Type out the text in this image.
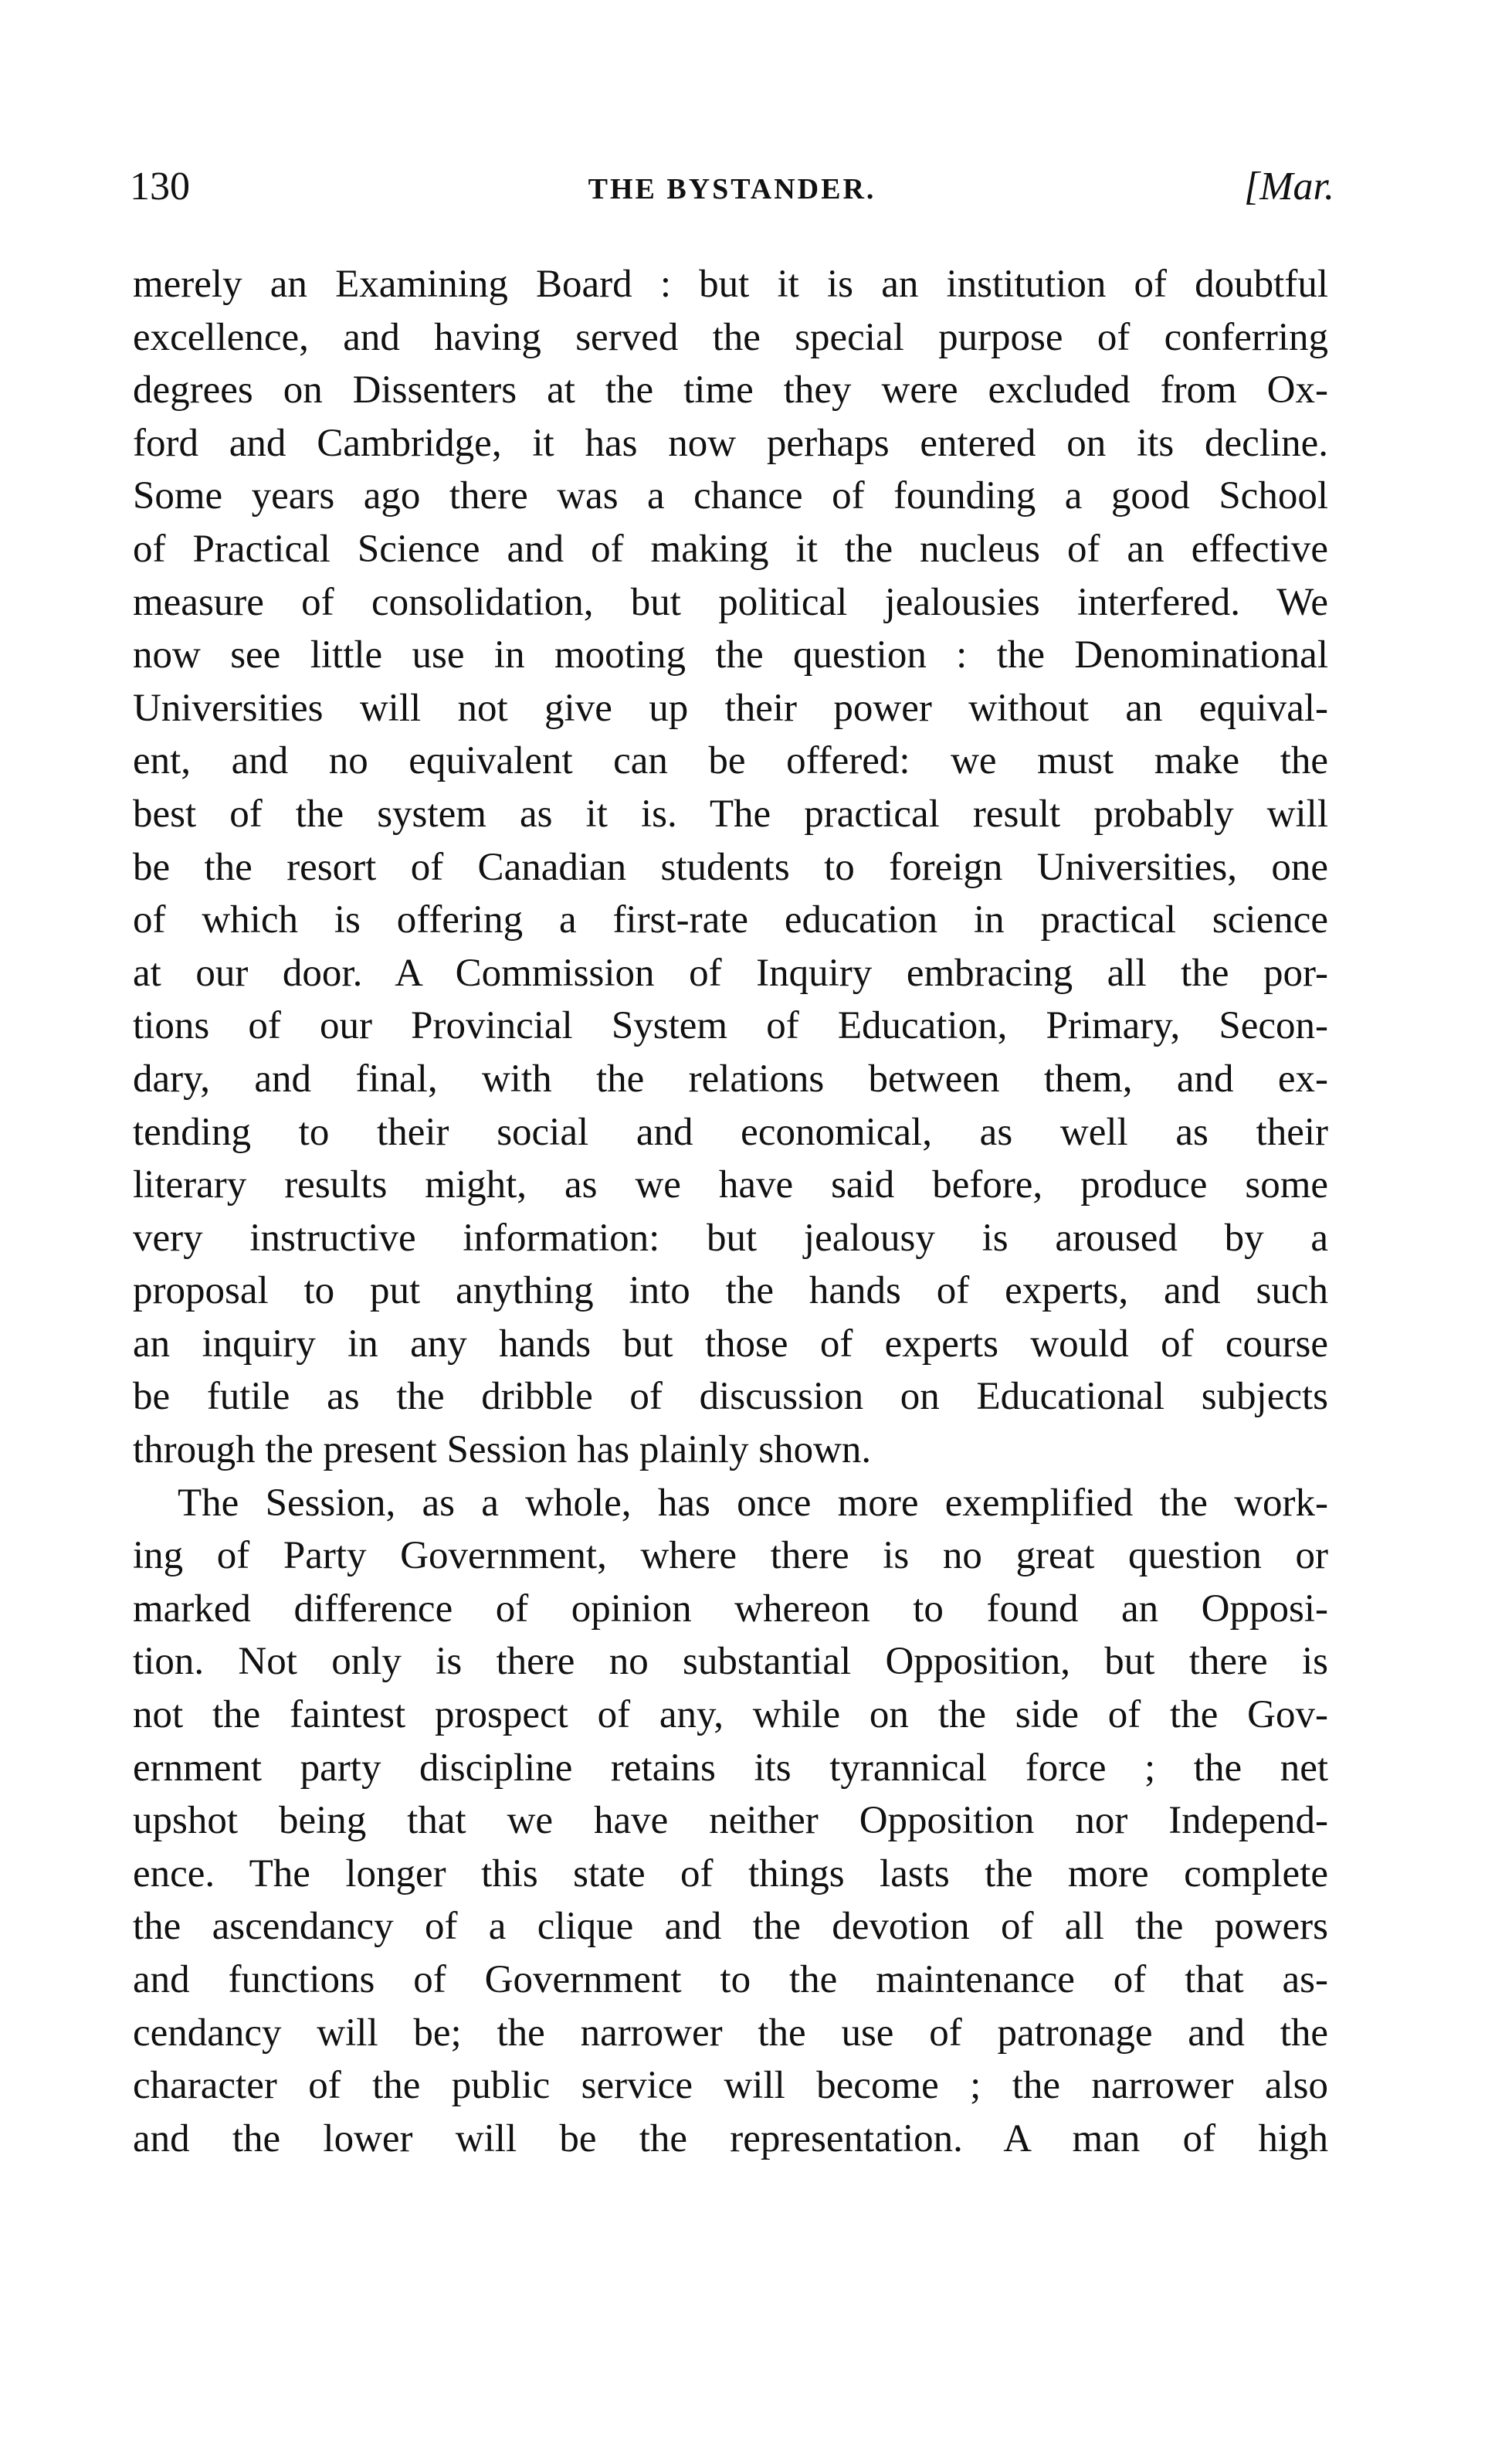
130	THE BYSTANDER.	[Mar.
merely an Examining Board : but it is an institution of doubtful
excellence, and having served the special purpose of conferring
degrees on Dissenters at the time they were excluded from Ox-
ford and Cambridge, it has now perhaps entered on its decline.
Some years ago there was a chance of founding a good School
of Practical Science and of making it the nucleus of an effective
measure of consolidation, but political jealousies interfered. We
now see little use in mooting the question : the Denominational
Universities will not give up their power without an equival-
ent, and no equivalent can be offered: we must make the
best of the system as it is. The practical result probably will
be the resort of Canadian students to foreign Universities, one
of which is offering a first-rate education in practical science
at our door. A Commission of Inquiry embracing all the por-
tions of our Provincial System of Education, Primary, Secon-
dary, and final, with the relations between them, and ex-
tending to their social and economical, as well as their
literary results might, as we have said before, produce some
very instructive information: but jealousy is aroused by a
proposal to put anything into the hands of experts, and such
an inquiry in any hands but those of experts would of course
be futile as the dribble of discussion on Educational subjects
through the present Session has plainly shown.
The Session, as a whole, has once more exemplified the work-
ing of Party Government, where there is no great question or
marked difference of opinion whereon to found an Opposi-
tion. Not only is there no substantial Opposition, but there is
not the faintest prospect of any, while on the side of the Gov-
ernment party discipline retains its tyrannical force ; the net
upshot being that we have neither Opposition nor Independ-
ence. The longer this state of things lasts the more complete
the ascendancy of a clique and the devotion of all the powers
and functions of Government to the maintenance of that as-
cendancy will be; the narrower the use of patronage and the
character of the public service will become ; the narrower also
and the lower will be the representation. A man of high
